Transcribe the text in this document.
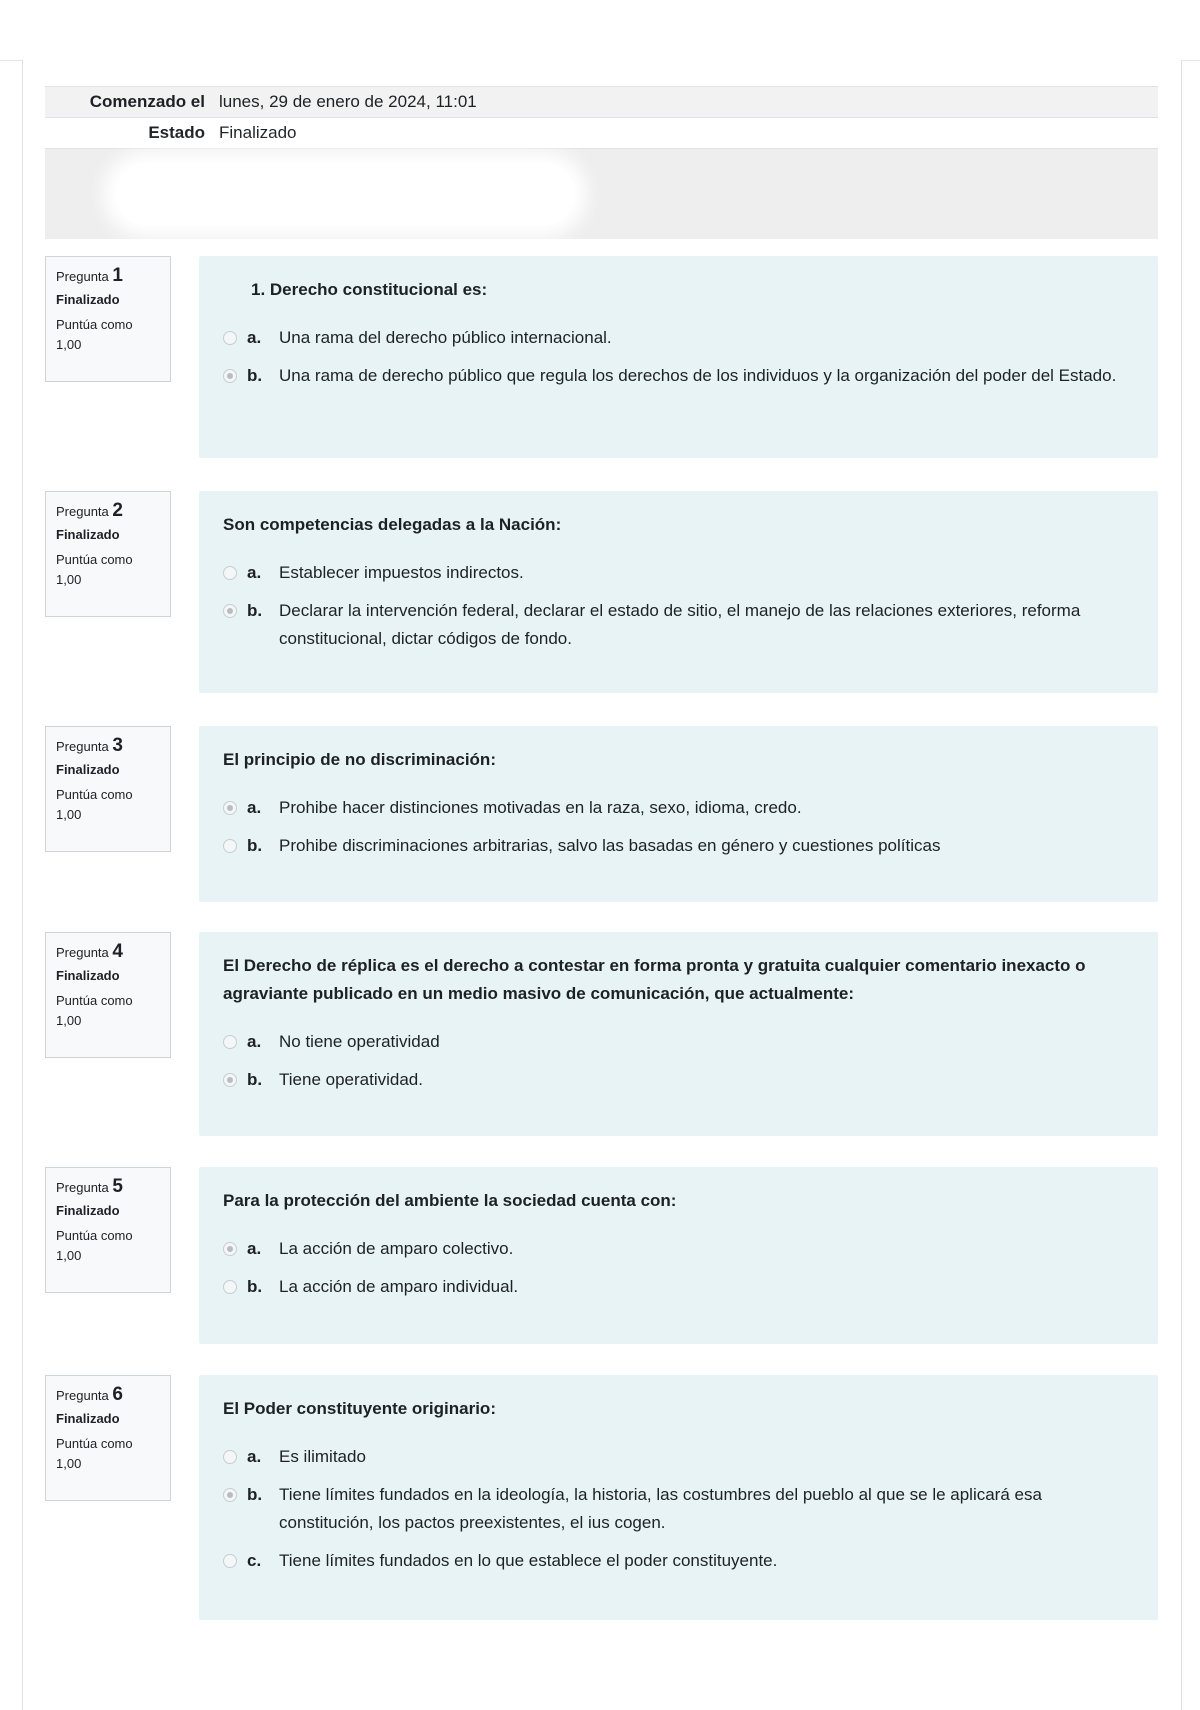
Comenzado el lunes, 29 de enero de 2024, 11:01
Estado Finalizado
Pregunta 1
Finalizado
Puntúa como
1,00
1. Derecho constitucional es:
a.	Una rama del derecho público internacional.
b. Una rama de derecho público que regula los derechos de los individuos y la organización del poder del Estado.
Pregunta 2
Finalizado
Puntúa como
1,00
Son competencias delegadas a la Nación:
a.	Establecer impuestos indirectos.
b. Declarar la intervención federal, declarar el estado de sitio, el manejo de las relaciones exteriores, reforma constitucional, dictar códigos de fondo.
Pregunta 3
Finalizado
Puntúa como
1,00
El principio de no discriminación:
a.	Prohibe hacer distinciones motivadas en la raza, sexo, idioma, credo.
b. Prohibe discriminaciones arbitrarias, salvo las basadas en género y cuestiones políticas
Pregunta 4
Finalizado
Puntúa como
1,00
El Derecho de réplica es el derecho a contestar en forma pronta y gratuita cualquier comentario inexacto o agraviante publicado en un medio masivo de comunicación, que actualmente:
a.	No tiene operatividad
b. Tiene operatividad.
Pregunta 5
Finalizado
Puntúa como
1,00
Para la protección del ambiente la sociedad cuenta con:
a.	La acción de amparo colectivo.
b. La acción de amparo individual.
Pregunta 6
Finalizado
Puntúa como
1,00
El Poder constituyente originario:
a.	Es ilimitado
b. Tiene límites fundados en la ideología, la historia, las costumbres del pueblo al que se le aplicará esa constitución, los pactos preexistentes, el ius cogen.
c.	Tiene límites fundados en lo que establece el poder constituyente.
